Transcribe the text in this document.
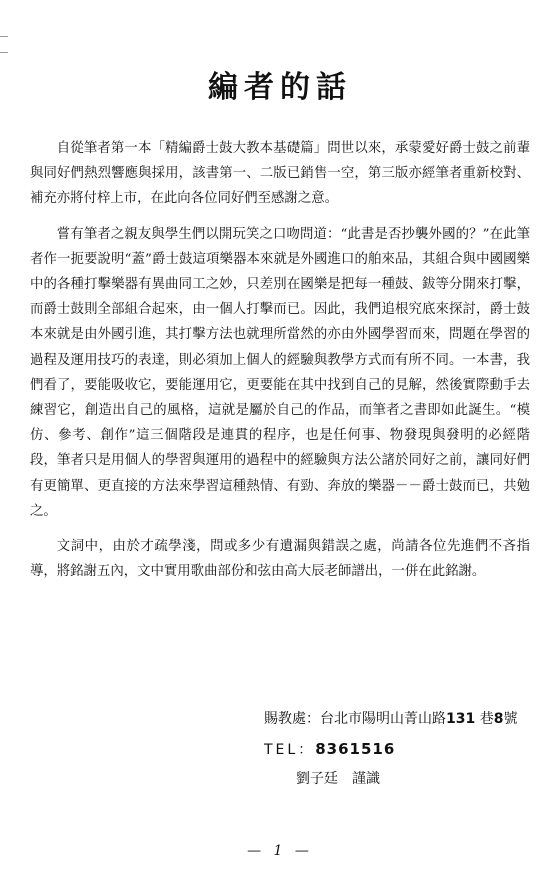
編者的話

自從筆者第一本「精編爵士鼓大教本基礎篇」問世以來，承蒙愛好爵士鼓之前輩與同好們熱烈響應與採用，該書第一、二版已銷售一空，第三版亦經筆者重新校對、補充亦將付梓上市，在此向各位同好們至感謝之意。

嘗有筆者之親友與學生們以開玩笑之口吻問道：“此書是否抄襲外國的？”在此筆者作一扼要說明“蓋”爵士鼓這項樂器本來就是外國進口的舶來品，其組合與中國國樂中的各種打擊樂器有異曲同工之妙，只差別在國樂是把每一種鼓、鈸等分開來打擊，而爵士鼓則全部組合起來，由一個人打擊而已。因此，我們追根究底來探討，爵士鼓本來就是由外國引進，其打擊方法也就理所當然的亦由外國學習而來，問題在學習的過程及運用技巧的表達，則必須加上個人的經驗與教學方式而有所不同。一本書，我們看了，要能吸收它，要能運用它，更要能在其中找到自己的見解，然後實際動手去練習它，創造出自己的風格，這就是屬於自己的作品，而筆者之書即如此誕生。“模仿、參考、創作”這三個階段是連貫的程序，也是任何事、物發現與發明的必經階段，筆者只是用個人的學習與運用的過程中的經驗與方法公諸於同好之前，讓同好們有更簡單、更直接的方法來學習這種熱情、有勁、奔放的樂器－－爵士鼓而已，共勉之。

文詞中，由於才疏學淺，問或多少有遺漏與錯誤之處，尚請各位先進們不吝指導，將銘謝五內，文中實用歌曲部份和弦由高大辰老師譜出，一併在此銘謝。

賜教處：台北市陽明山菁山路131 巷8號
TEL：8361516
劉子廷　謹識
— 1 —
